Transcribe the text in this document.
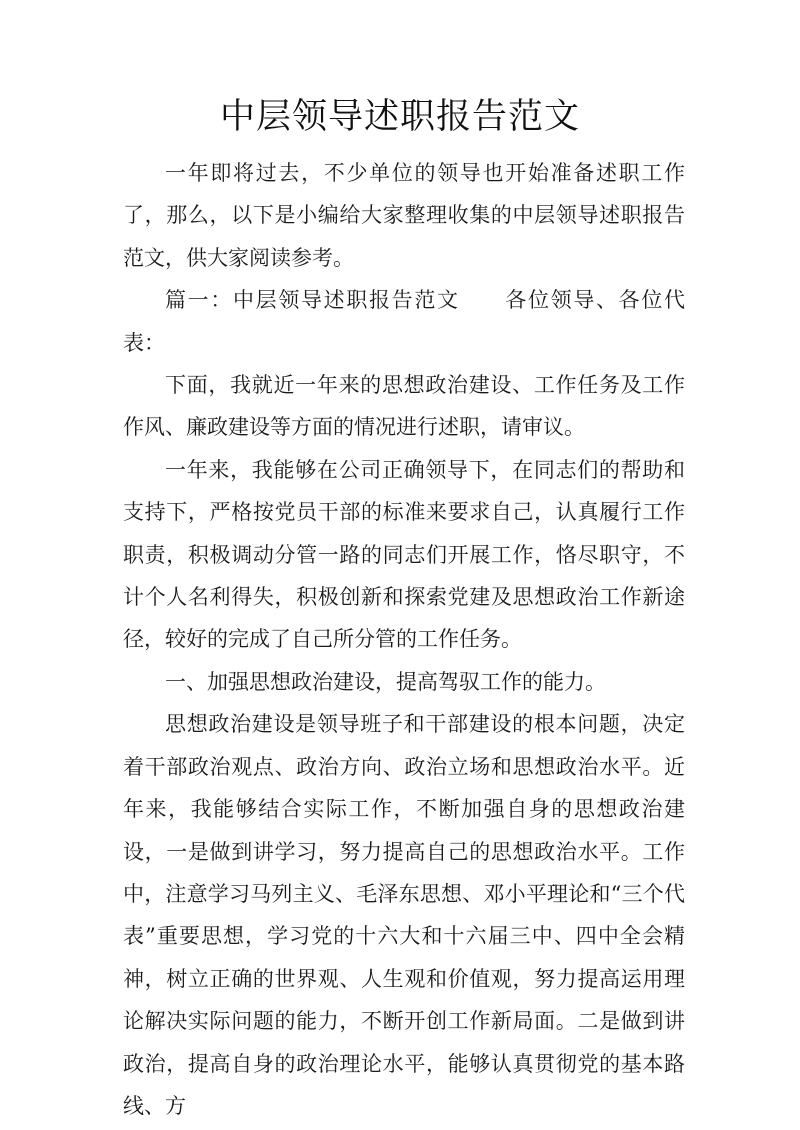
中层领导述职报告范文

一年即将过去，不少单位的领导也开始准备述职工作了，那么，以下是小编给大家整理收集的中层领导述职报告范文，供大家阅读参考。

篇一：中层领导述职报告范文 各位领导、各位代表：

下面，我就近一年来的思想政治建设、工作任务及工作作风、廉政建设等方面的情况进行述职，请审议。

一年来，我能够在公司正确领导下，在同志们的帮助和支持下，严格按党员干部的标准来要求自己，认真履行工作职责，积极调动分管一路的同志们开展工作，恪尽职守，不计个人名利得失，积极创新和探索党建及思想政治工作新途径，较好的完成了自己所分管的工作任务。

一、加强思想政治建设，提高驾驭工作的能力。

思想政治建设是领导班子和干部建设的根本问题，决定着干部政治观点、政治方向、政治立场和思想政治水平。近年来，我能够结合实际工作，不断加强自身的思想政治建设，一是做到讲学习，努力提高自己的思想政治水平。工作中，注意学习马列主义、毛泽东思想、邓小平理论和“三个代表”重要思想，学习党的十六大和十六届三中、四中全会精神，树立正确的世界观、人生观和价值观，努力提高运用理论解决实际问题的能力，不断开创工作新局面。二是做到讲政治，提高自身的政治理论水平，能够认真贯彻党的基本路线、方
